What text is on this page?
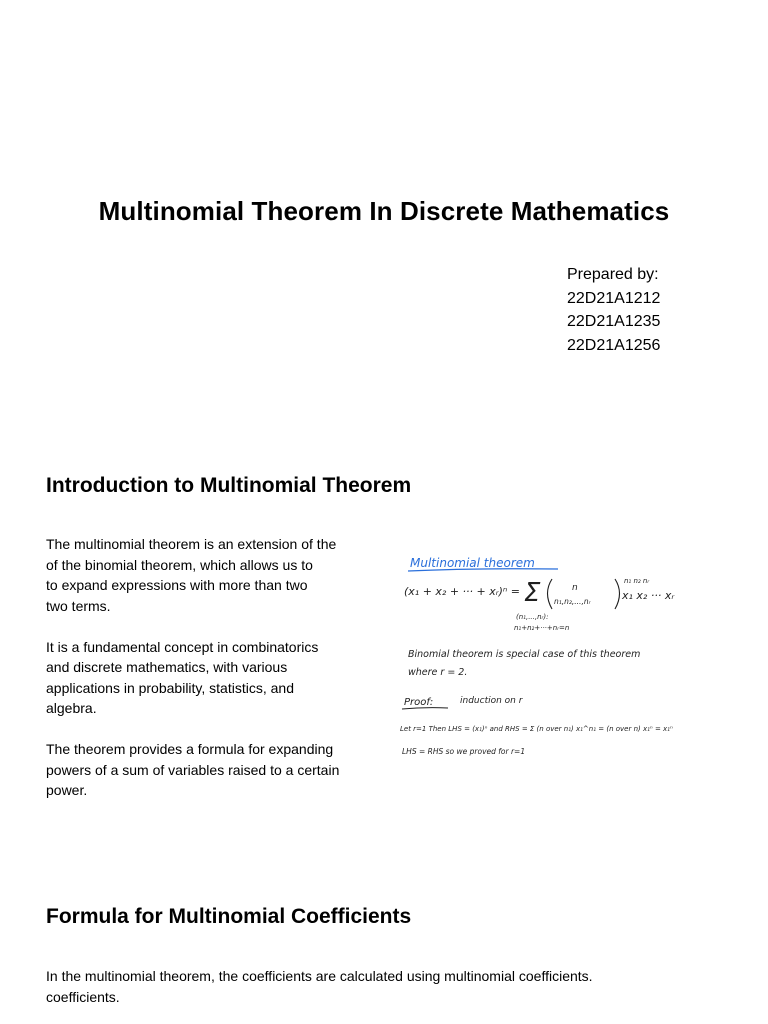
Multinomial Theorem In Discrete Mathematics
Prepared by:
22D21A1212
22D21A1235
22D21A1256
Introduction to Multinomial Theorem

The multinomial theorem is an extension of the
of the binomial theorem, which allows us to
to expand expressions with more than two
two terms.

It is a fundamental concept in combinatorics
and discrete mathematics, with various
applications in probability, statistics, and
algebra.

The theorem provides a formula for expanding
powers of a sum of variables raised to a certain
power.

Multinomial theorem
n₁ n₂ nᵣ
(x₁ + x₂ + ··· + xᵣ)ⁿ = Σ	n
n₁,n₂,...,nᵣ	x₁ x₂ ··· xᵣ
(n₁,...,nᵣ):
n₁+n₂+···+nᵣ=n
Binomial theorem is special case of this theorem
where r = 2.
Proof:	induction on r
Let r=1 Then LHS = (x₁)ⁿ and RHS = Σ (n over n₁) x₁^n₁ = (n over n) x₁ⁿ = x₁ⁿ
LHS = RHS so we proved for r=1
Formula for Multinomial Coefficients
In the multinomial theorem, the coefficients are calculated using multinomial coefficients.
coefficients.
